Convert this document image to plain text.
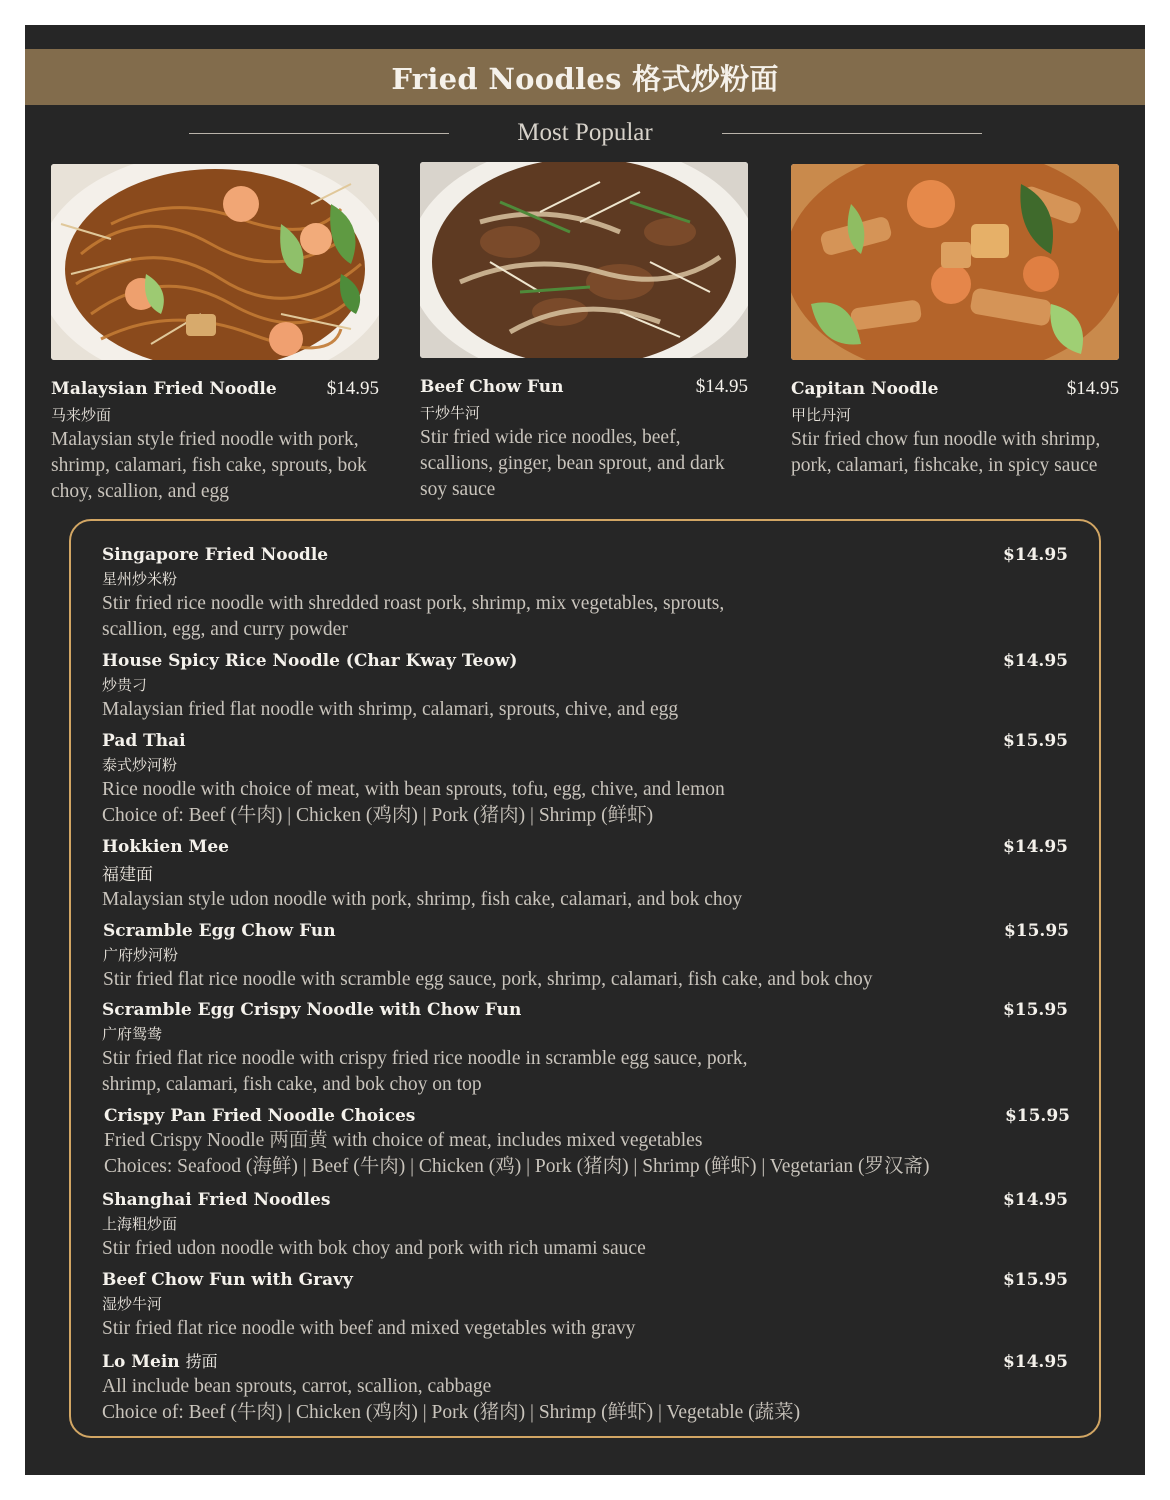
Fried Noodles 格式炒粉面
Most Popular
Malaysian Fried Noodle	$14.95
马来炒面
Malaysian style fried noodle with pork, shrimp, calamari, fish cake, sprouts, bok choy, scallion, and egg
Beef Chow Fun	$14.95
干炒牛河
Stir fried wide rice noodles, beef, scallions, ginger, bean sprout, and dark soy sauce
Capitan Noodle	$14.95
甲比丹河
Stir fried chow fun noodle with shrimp, pork, calamari, fishcake, in spicy sauce
Singapore Fried Noodle	$14.95
星州炒米粉
Stir fried rice noodle with shredded roast pork, shrimp, mix vegetables, sprouts,
scallion, egg, and curry powder
House Spicy Rice Noodle (Char Kway Teow)	$14.95
炒贵刁
Malaysian fried flat noodle with shrimp, calamari, sprouts, chive, and egg
Pad Thai	$15.95
泰式炒河粉
Rice noodle with choice of meat, with bean sprouts, tofu, egg, chive, and lemon
Choice of: Beef (牛肉) | Chicken (鸡肉) | Pork (猪肉) | Shrimp (鲜虾)
Hokkien Mee	$14.95
福建面
Malaysian style udon noodle with pork, shrimp, fish cake, calamari, and bok choy
Scramble Egg Chow Fun	$15.95
广府炒河粉
Stir fried flat rice noodle with scramble egg sauce, pork, shrimp, calamari, fish cake, and bok choy
Scramble Egg Crispy Noodle with Chow Fun	$15.95
广府鸳鸯
Stir fried flat rice noodle with crispy fried rice noodle in scramble egg sauce, pork,
shrimp, calamari, fish cake, and bok choy on top
Crispy Pan Fried Noodle Choices	$15.95
Fried Crispy Noodle 两面黄 with choice of meat, includes mixed vegetables
Choices: Seafood (海鲜) | Beef (牛肉) | Chicken (鸡) | Pork (猪肉) | Shrimp (鲜虾) | Vegetarian (罗汉斋)
Shanghai Fried Noodles	$14.95
上海粗炒面
Stir fried udon noodle with bok choy and pork with rich umami sauce
Beef Chow Fun with Gravy	$15.95
湿炒牛河
Stir fried flat rice noodle with beef and mixed vegetables with gravy
Lo Mein 捞面	$14.95
All include bean sprouts, carrot, scallion, cabbage
Choice of: Beef (牛肉) | Chicken (鸡肉) | Pork (猪肉) | Shrimp (鲜虾) | Vegetable (蔬菜)
